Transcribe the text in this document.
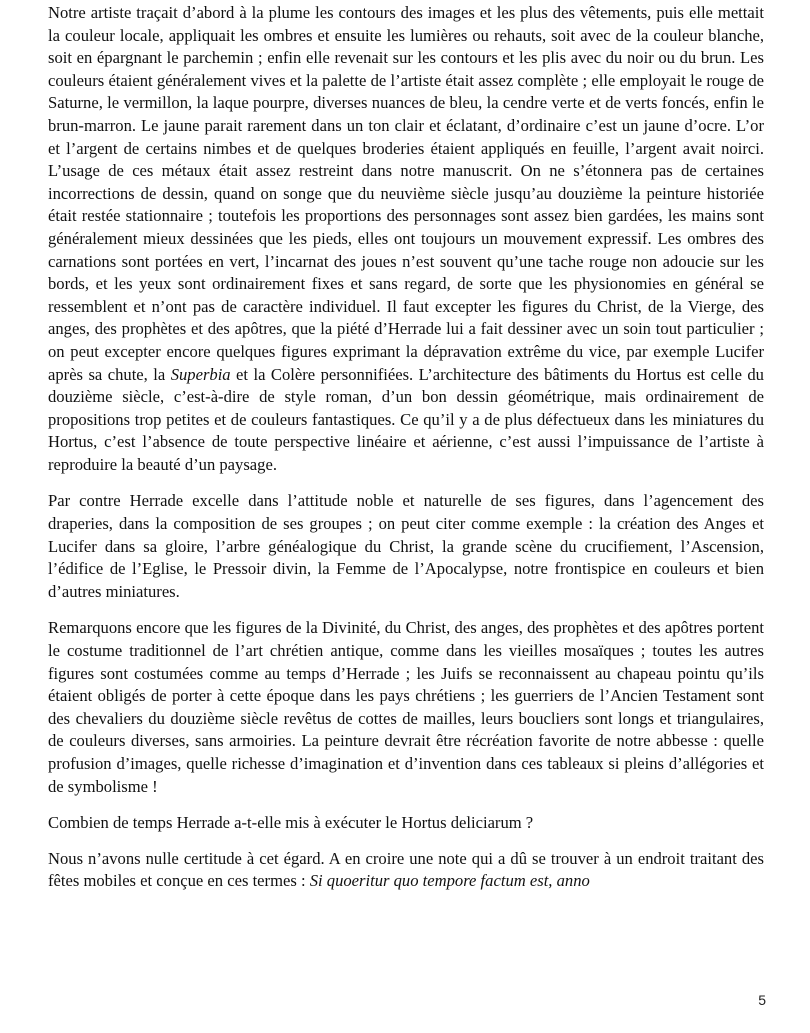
Notre artiste traçait d’abord à la plume les contours des images et les plus des vêtements, puis elle mettait la couleur locale, appliquait les ombres et ensuite les lumières ou rehauts, soit avec de la couleur blanche, soit en épargnant le parchemin ; enfin elle revenait sur les contours et les plis avec du noir ou du brun. Les couleurs étaient généralement vives et la palette de l’artiste était assez complète ; elle employait le rouge de Saturne, le vermillon, la laque pourpre, diverses nuances de bleu, la cendre verte et de verts foncés, enfin le brun-marron. Le jaune parait rarement dans un ton clair et éclatant, d’ordinaire c’est un jaune d’ocre. L’or et l’argent de certains nimbes et de quelques broderies étaient appliqués en feuille, l’argent avait noirci. L’usage de ces métaux était assez restreint dans notre manuscrit. On ne s’étonnera pas de certaines incorrections de dessin, quand on songe que du neuvième siècle jusqu’au douzième la peinture historiée était restée stationnaire ; toutefois les proportions des personnages sont assez bien gardées, les mains sont généralement mieux dessinées que les pieds, elles ont toujours un mouvement expressif. Les ombres des carnations sont portées en vert, l’incarnat des joues n’est souvent qu’une tache rouge non adoucie sur les bords, et les yeux sont ordinairement fixes et sans regard, de sorte que les physionomies en général se ressemblent et n’ont pas de caractère individuel. Il faut excepter les figures du Christ, de la Vierge, des anges, des prophètes et des apôtres, que la piété d’Herrade lui a fait dessiner avec un soin tout particulier ; on peut excepter encore quelques figures exprimant la dépravation extrême du vice, par exemple Lucifer après sa chute, la Superbia et la Colère personnifiées. L’architecture des bâtiments du Hortus est celle du douzième siècle, c’est-à-dire de style roman, d’un bon dessin géométrique, mais ordinairement de propositions trop petites et de couleurs fantastiques. Ce qu’il y a de plus défectueux dans les miniatures du Hortus, c’est l’absence de toute perspective linéaire et aérienne, c’est aussi l’impuissance de l’artiste à reproduire la beauté d’un paysage.

Par contre Herrade excelle dans l’attitude noble et naturelle de ses figures, dans l’agencement des draperies, dans la composition de ses groupes ; on peut citer comme exemple : la création des Anges et Lucifer dans sa gloire, l’arbre généalogique du Christ, la grande scène du crucifiement, l’Ascension, l’édifice de l’Eglise, le Pressoir divin, la Femme de l’Apocalypse, notre frontispice en couleurs et bien d’autres miniatures.

Remarquons encore que les figures de la Divinité, du Christ, des anges, des prophètes et des apôtres portent le costume traditionnel de l’art chrétien antique, comme dans les vieilles mosaïques ; toutes les autres figures sont costumées comme au temps d’Herrade ; les Juifs se reconnaissent au chapeau pointu qu’ils étaient obligés de porter à cette époque dans les pays chrétiens ; les guerriers de l’Ancien Testament sont des chevaliers du douzième siècle revêtus de cottes de mailles, leurs boucliers sont longs et triangulaires, de couleurs diverses, sans armoiries. La peinture devrait être récréation favorite de notre abbesse : quelle profusion d’images, quelle richesse d’imagination et d’invention dans ces tableaux si pleins d’allégories et de symbolisme !

Combien de temps Herrade a-t-elle mis à exécuter le Hortus deliciarum ?

Nous n’avons nulle certitude à cet égard. A en croire une note qui a dû se trouver à un endroit traitant des fêtes mobiles et conçue en ces termes : Si quoeritur quo tempore factum est, anno

5
